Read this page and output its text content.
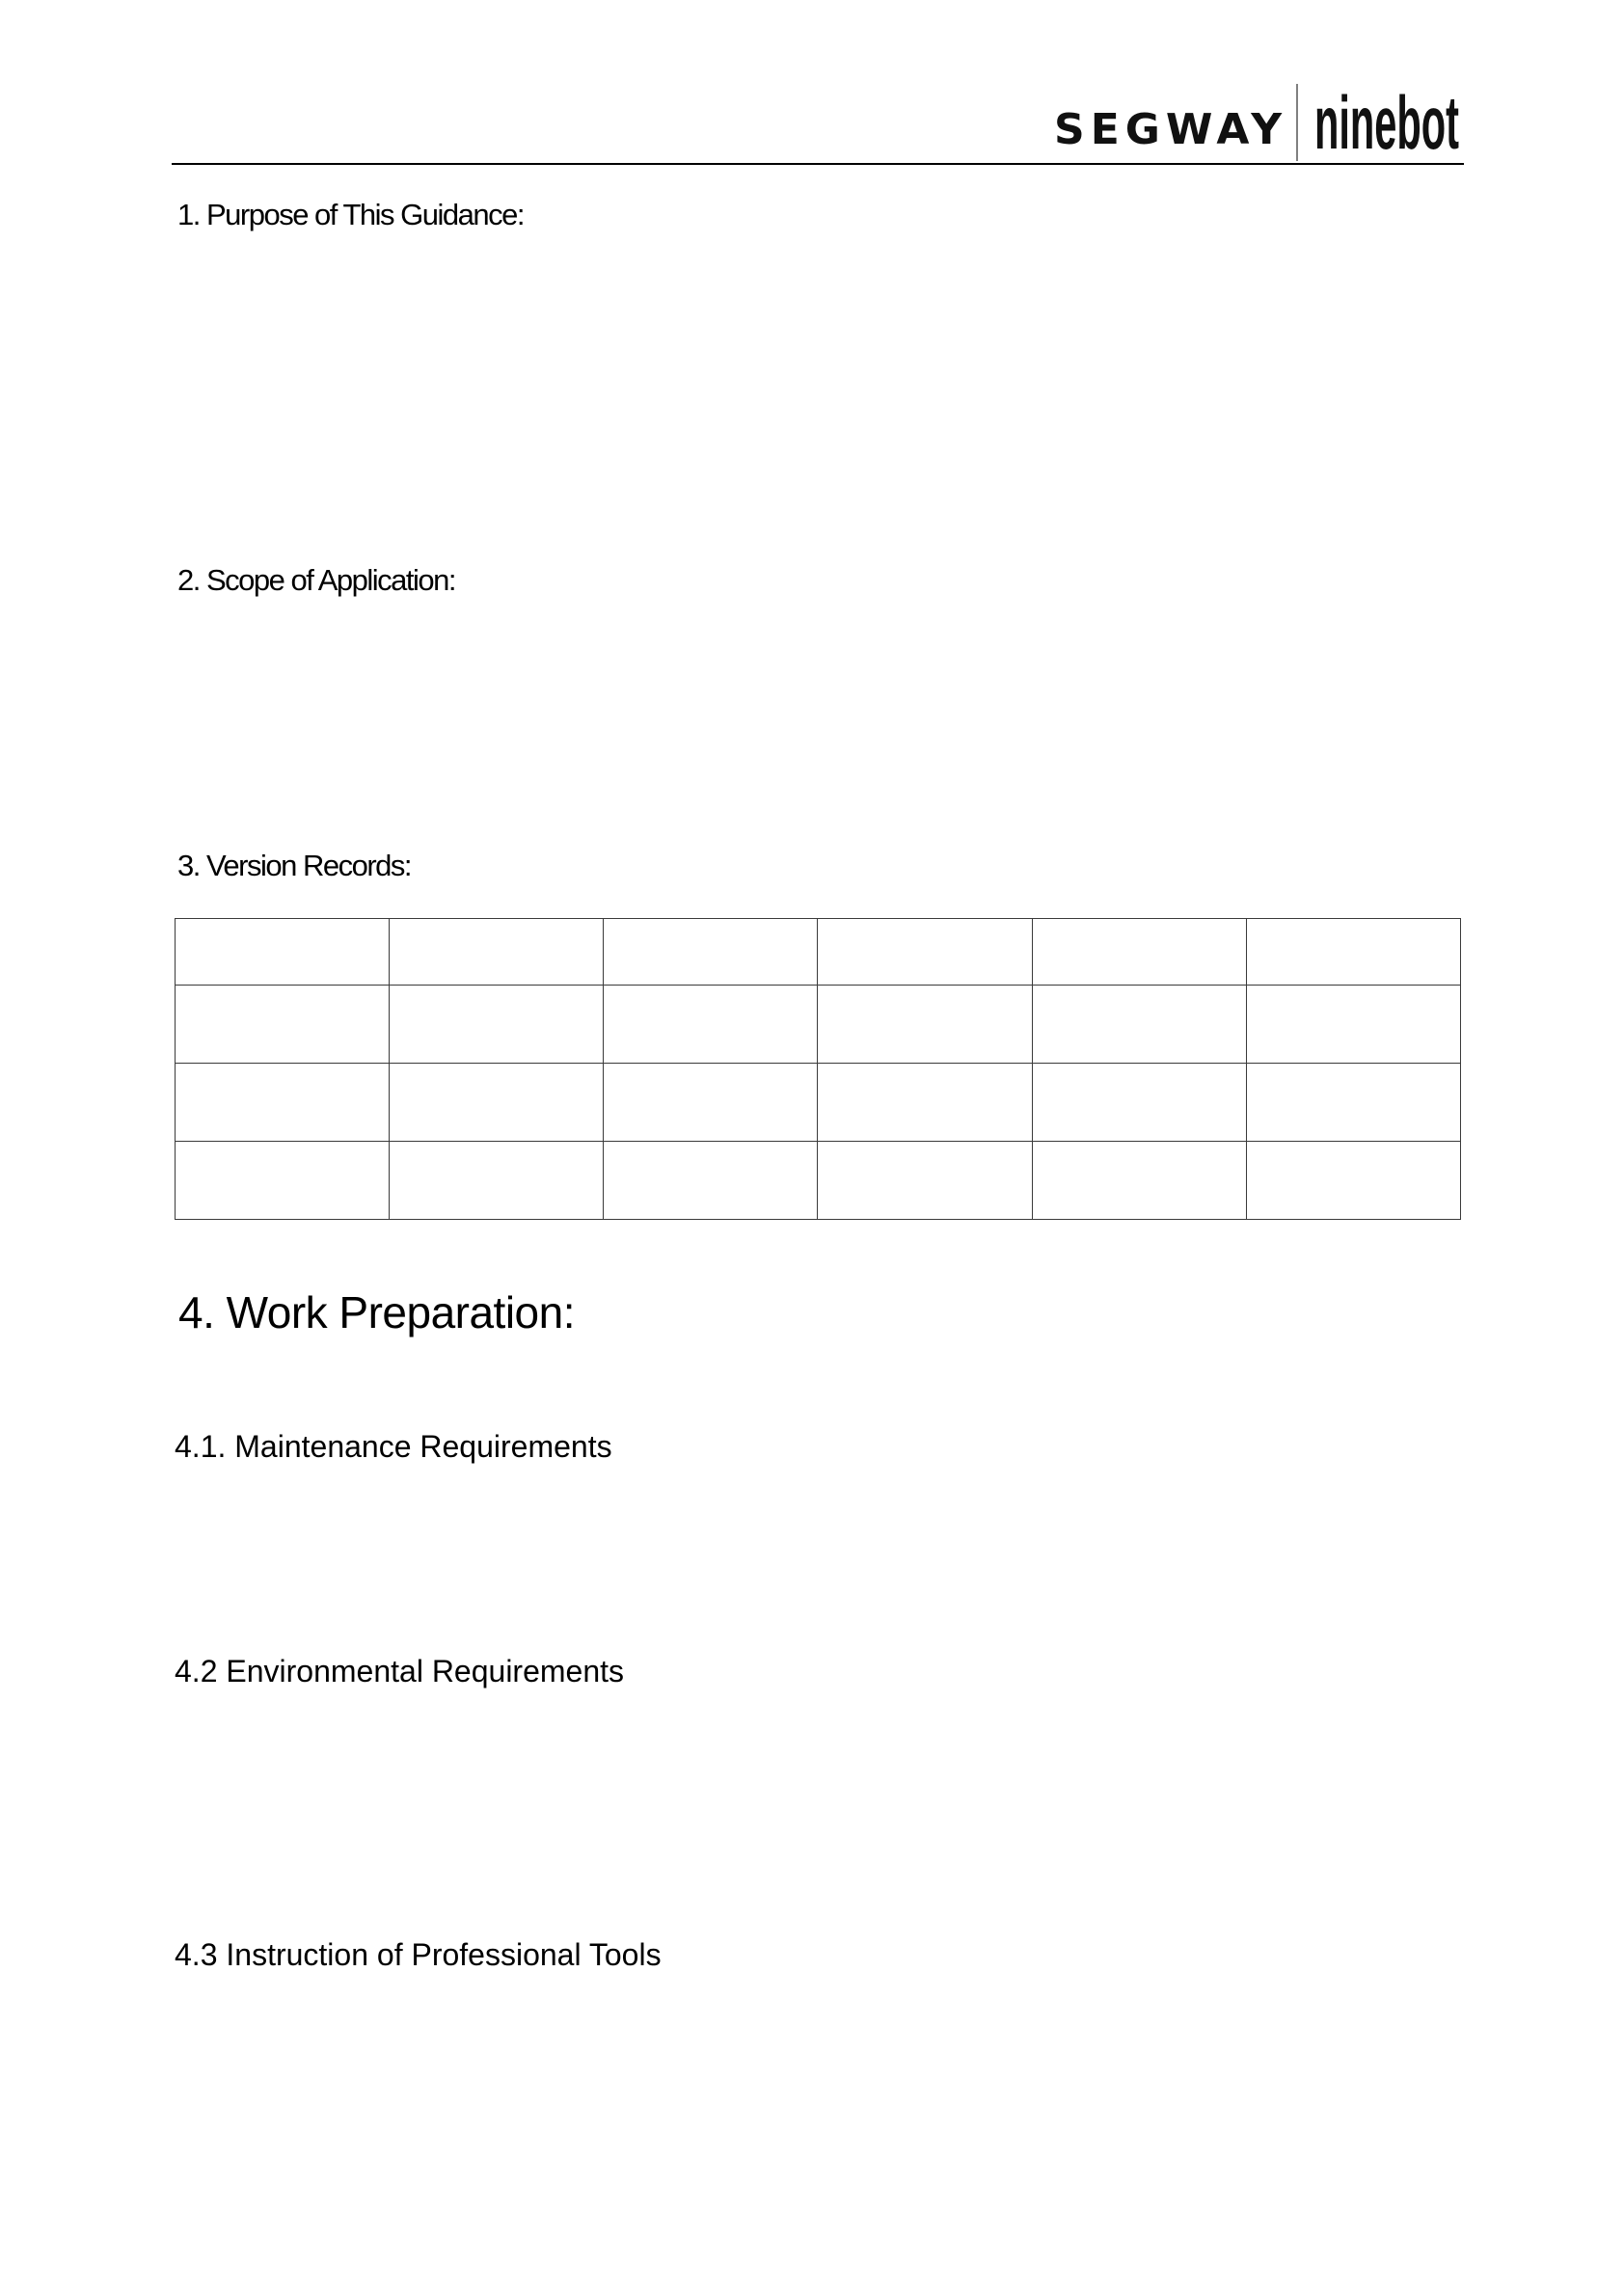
SEGWAY ninebot
1. Purpose of This Guidance:
2. Scope of Application:
3. Version Records:

4. Work Preparation:
4.1. Maintenance Requirements
4.2 Environmental Requirements
4.3 Instruction of Professional Tools
